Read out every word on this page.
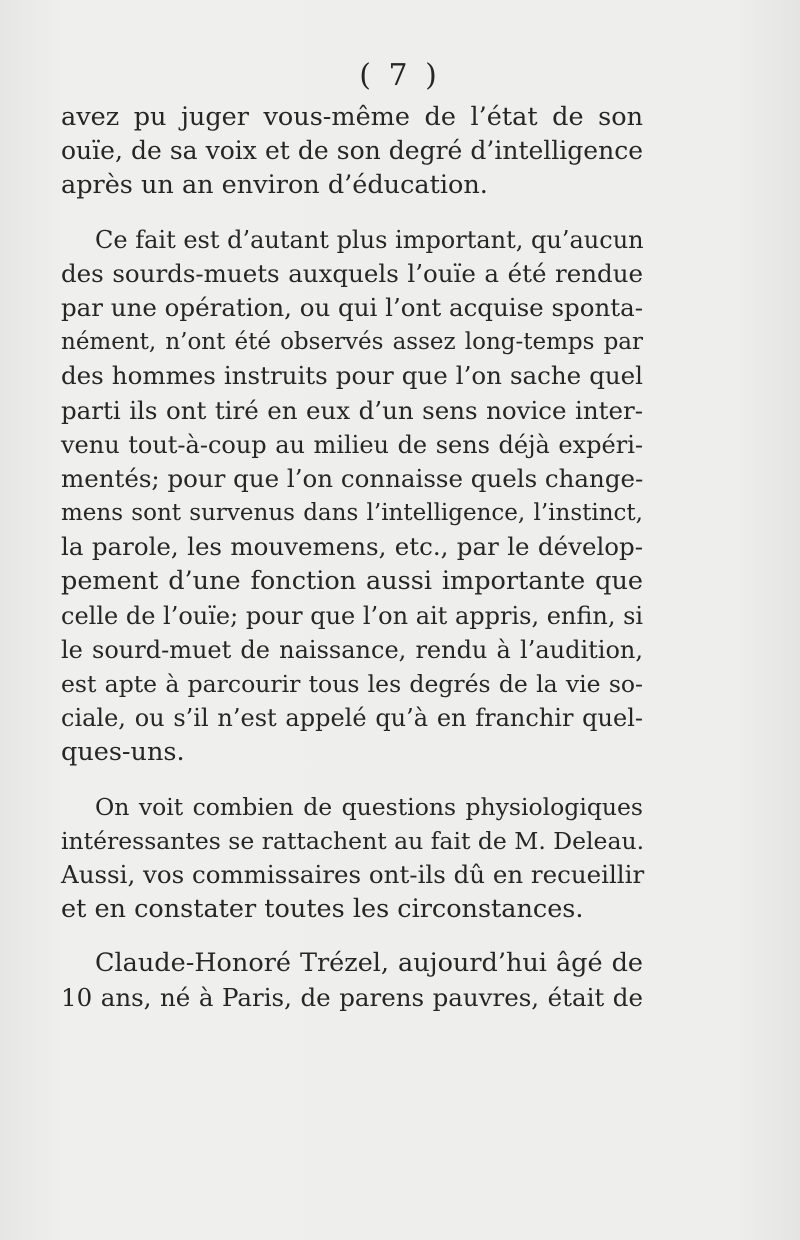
( 7 )
avez pu juger vous-même de l’état de son
ouïe, de sa voix et de son degré d’intelligence
après un an environ d’éducation.
Ce fait est d’autant plus important, qu’aucun
des sourds-muets auxquels l’ouïe a été rendue
par une opération, ou qui l’ont acquise sponta-
nément, n’ont été observés assez long-temps par
des hommes instruits pour que l’on sache quel
parti ils ont tiré en eux d’un sens novice inter-
venu tout-à-coup au milieu de sens déjà expéri-
mentés; pour que l’on connaisse quels change-
mens sont survenus dans l’intelligence, l’instinct,
la parole, les mouvemens, etc., par le dévelop-
pement d’une fonction aussi importante que
celle de l’ouïe; pour que l’on ait appris, enfin, si
le sourd-muet de naissance, rendu à l’audition,
est apte à parcourir tous les degrés de la vie so-
ciale, ou s’il n’est appelé qu’à en franchir quel-
ques-uns.
On voit combien de questions physiologiques
intéressantes se rattachent au fait de M. Deleau.
Aussi, vos commissaires ont-ils dû en recueillir
et en constater toutes les circonstances.
Claude-Honoré Trézel, aujourd’hui âgé de
10 ans, né à Paris, de parens pauvres, était de
